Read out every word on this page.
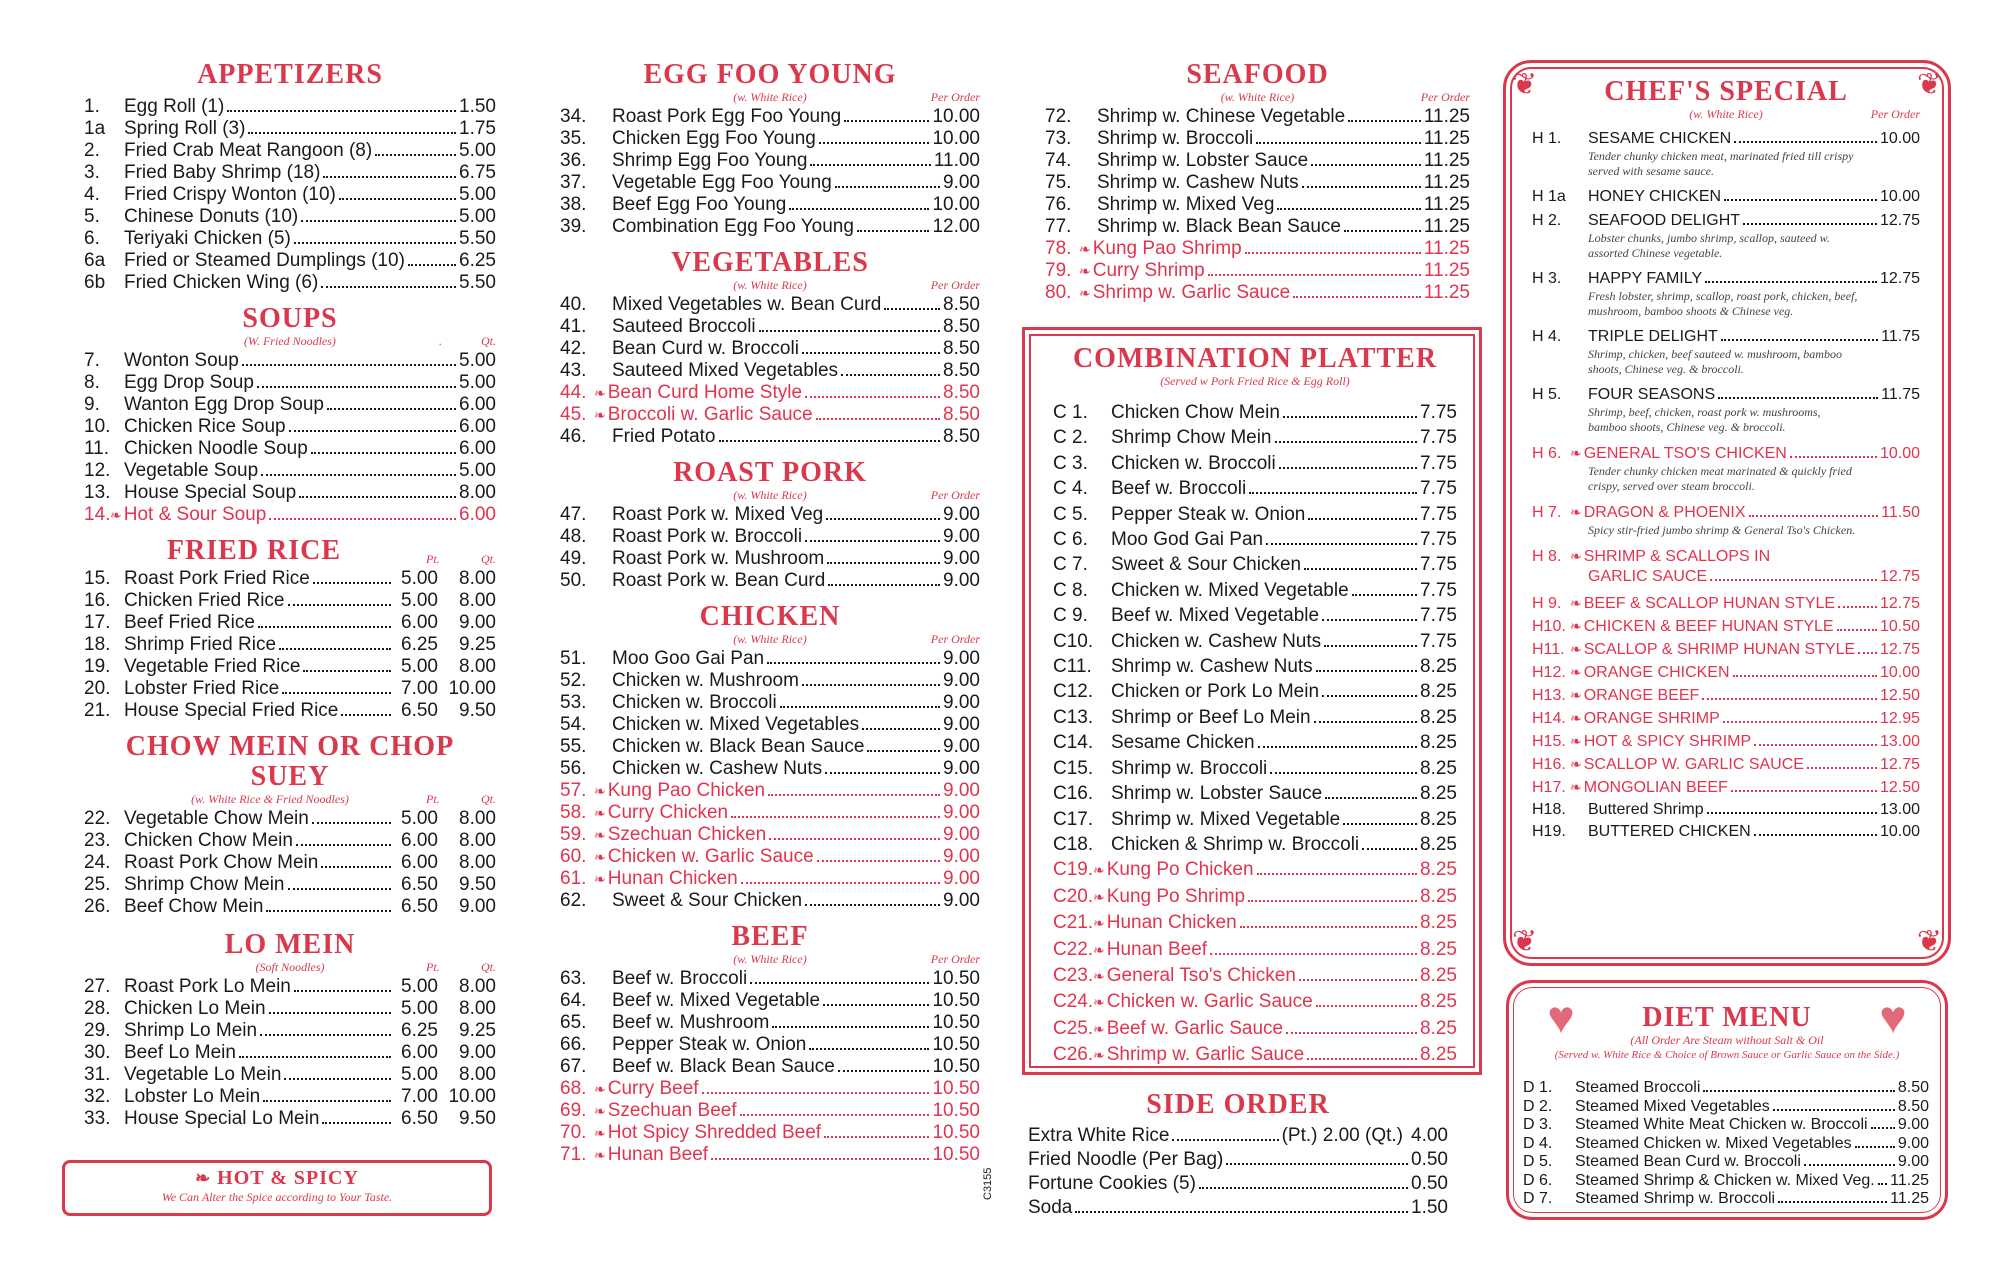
APPETIZERS
1.	Egg Roll (1)	1.50
1a Spring Roll (3)	1.75
2.	Fried Crab Meat Rangoon (8)	5.00
3.	Fried Baby Shrimp (18)	6.75
4.	Fried Crispy Wonton (10)	5.00
5.	Chinese Donuts (10)	5.00
6.	Teriyaki Chicken (5)	5.50
6a Fried or Steamed Dumplings (10)	6.25
6b Fried Chicken Wing (6)	5.50
SOUPS
(W. Fried Noodles)	.	Qt.
7.	Wonton Soup	5.00
8.	Egg Drop Soup	5.00
9.	Wanton Egg Drop Soup	6.00
10. Chicken Rice Soup	6.00
11. Chicken Noodle Soup	6.00
12. Vegetable Soup	5.00
13. House Special Soup	8.00
14. ❧ Hot & Sour Soup	6.00
FRIED RICE	Pt.	Qt.
15. Roast Pork Fried Rice	5.00	8.00
16. Chicken Fried Rice	5.00	8.00
17. Beef Fried Rice	6.00	9.00
18. Shrimp Fried Rice	6.25	9.25
19. Vegetable Fried Rice	5.00	8.00
20. Lobster Fried Rice	7.00 10.00
21. House Special Fried Rice	6.50	9.50
CHOW MEIN OR CHOP SUEY
(w. White Rice & Fried Noodles)	Pt.	Qt.
22. Vegetable Chow Mein	5.00	8.00
23. Chicken Chow Mein	6.00	8.00
24. Roast Pork Chow Mein	6.00	8.00
25. Shrimp Chow Mein	6.50	9.50
26. Beef Chow Mein	6.50	9.00
LO MEIN
(Soft Noodles)	Pt.	Qt.
27. Roast Pork Lo Mein	5.00	8.00
28. Chicken Lo Mein	5.00	8.00
29. Shrimp Lo Mein	6.25	9.25
30. Beef Lo Mein	6.00	9.00
31. Vegetable Lo Mein	5.00	8.00
32. Lobster Lo Mein	7.00 10.00
33. House Special Lo Mein	6.50	9.50
❧ HOT & SPICY
We Can Alter the Spice according to Your Taste.
EGG FOO YOUNG
(w. White Rice)	Per Order
34.	Roast Pork Egg Foo Young	10.00
35.	Chicken Egg Foo Young	10.00
36.	Shrimp Egg Foo Young	11.00
37.	Vegetable Egg Foo Young	9.00
38.	Beef Egg Foo Young	10.00
39.	Combination Egg Foo Young	12.00
VEGETABLES
(w. White Rice)	Per Order
40.	Mixed Vegetables w. Bean Curd	8.50
41.	Sauteed Broccoli	8.50
42.	Bean Curd w. Broccoli	8.50
43.	Sauteed Mixed Vegetables	8.50
44. ❧ Bean Curd Home Style	8.50
45. ❧ Broccoli w. Garlic Sauce	8.50
46.	Fried Potato	8.50
ROAST PORK
(w. White Rice)	Per Order
47.	Roast Pork w. Mixed Veg	9.00
48.	Roast Pork w. Broccoli	9.00
49.	Roast Pork w. Mushroom	9.00
50.	Roast Pork w. Bean Curd	9.00
CHICKEN
(w. White Rice)	Per Order
51.	Moo Goo Gai Pan	9.00
52.	Chicken w. Mushroom	9.00
53.	Chicken w. Broccoli	9.00
54.	Chicken w. Mixed Vegetables	9.00
55.	Chicken w. Black Bean Sauce	9.00
56.	Chicken w. Cashew Nuts	9.00
57. ❧ Kung Pao Chicken	9.00
58. ❧ Curry Chicken	9.00
59. ❧ Szechuan Chicken	9.00
60. ❧ Chicken w. Garlic Sauce	9.00
61. ❧ Hunan Chicken	9.00
62.	Sweet & Sour Chicken	9.00
BEEF
(w. White Rice)	Per Order
63.	Beef w. Broccoli	10.50
64.	Beef w. Mixed Vegetable	10.50
65.	Beef w. Mushroom	10.50
66.	Pepper Steak w. Onion	10.50
67.	Beef w. Black Bean Sauce	10.50
68. ❧ Curry Beef	10.50
69. ❧ Szechuan Beef	10.50
70. ❧ Hot Spicy Shredded Beef	10.50
71. ❧ Hunan Beef	10.50
C3155
SEAFOOD
(w. White Rice)	Per Order
72.	Shrimp w. Chinese Vegetable	11.25
73.	Shrimp w. Broccoli	11.25
74.	Shrimp w. Lobster Sauce	11.25
75.	Shrimp w. Cashew Nuts	11.25
76.	Shrimp w. Mixed Veg	11.25
77.	Shrimp w. Black Bean Sauce	11.25
78. ❧ Kung Pao Shrimp	11.25
79. ❧ Curry Shrimp	11.25
80. ❧ Shrimp w. Garlic Sauce	11.25
COMBINATION PLATTER
(Served w Pork Fried Rice & Egg Roll)
C 1.	Chicken Chow Mein	7.75
C 2.	Shrimp Chow Mein	7.75
C 3.	Chicken w. Broccoli	7.75
C 4.	Beef w. Broccoli	7.75
C 5.	Pepper Steak w. Onion	7.75
C 6.	Moo God Gai Pan	7.75
C 7.	Sweet & Sour Chicken	7.75
C 8.	Chicken w. Mixed Vegetable	7.75
C 9.	Beef w. Mixed Vegetable	7.75
C10. Chicken w. Cashew Nuts	7.75
C11.	Shrimp w. Cashew Nuts	8.25
C12. Chicken or Pork Lo Mein	8.25
C13. Shrimp or Beef Lo Mein	8.25
C14. Sesame Chicken	8.25
C15. Shrimp w. Broccoli	8.25
C16. Shrimp w. Lobster Sauce	8.25
C17. Shrimp w. Mixed Vegetable	8.25
C18. Chicken & Shrimp w. Broccoli	8.25
C19. ❧ Kung Po Chicken	8.25
C20. ❧ Kung Po Shrimp	8.25
C21. ❧ Hunan Chicken	8.25
C22. ❧ Hunan Beef	8.25
C23. ❧ General Tso's Chicken	8.25
C24. ❧ Chicken w. Garlic Sauce	8.25
C25. ❧ Beef w. Garlic Sauce	8.25
C26. ❧ Shrimp w. Garlic Sauce	8.25
SIDE ORDER
Extra White Rice	(Pt.) 2.00 (Qt.) 4.00
Fried Noodle (Per Bag)	0.50
Fortune Cookies (5)	0.50
Soda	1.50
❦	❦
❦	❦
CHEF'S SPECIAL
(w. White Rice)	Per Order
H 1.	SESAME CHICKEN	10.00
Tender chunky chicken meat, marinated fried till crispy served with sesame sauce.
H 1a	HONEY CHICKEN	10.00
H 2.	SEAFOOD DELIGHT	12.75
Lobster chunks, jumbo shrimp, scallop, sauteed w. assorted Chinese vegetable.
H 3.	HAPPY FAMILY	12.75
Fresh lobster, shrimp, scallop, roast pork, chicken, beef, mushroom, bamboo shoots & Chinese veg.
H 4.	TRIPLE DELIGHT	11.75
Shrimp, chicken, beef sauteed w. mushroom, bamboo shoots, Chinese veg. & broccoli.
H 5.	FOUR SEASONS	11.75
Shrimp, beef, chicken, roast pork w. mushrooms, bamboo shoots, Chinese veg. & broccoli.
H 6. ❧ GENERAL TSO'S CHICKEN	10.00
Tender chunky chicken meat marinated & quickly fried crispy, served over steam broccoli.
H 7. ❧ DRAGON & PHOENIX	11.50
Spicy stir-fried jumbo shrimp & General Tso's Chicken.
H 8. ❧ SHRIMP & SCALLOPS IN
GARLIC SAUCE	12.75
H 9. ❧ BEEF & SCALLOP HUNAN STYLE	12.75
H10. ❧ CHICKEN & BEEF HUNAN STYLE	10.50
H11. ❧ SCALLOP & SHRIMP HUNAN STYLE 12.75
H12. ❧ ORANGE CHICKEN	10.00
H13. ❧ ORANGE BEEF	12.50
H14. ❧ ORANGE SHRIMP	12.95
H15. ❧ HOT & SPICY SHRIMP	13.00
H16. ❧ SCALLOP W. GARLIC SAUCE	12.75
H17. ❧ MONGOLIAN BEEF	12.50
H18.	Buttered Shrimp	13.00
H19.	BUTTERED CHICKEN	10.00
♥	♥
DIET MENU
(All Order Are Steam without Salt & Oil
(Served w. White Rice & Choice of Brown Sauce or Garlic Sauce on the Side.)
D 1.	Steamed Broccoli	8.50
D 2.	Steamed Mixed Vegetables	8.50
D 3.	Steamed White Meat Chicken w. Broccoli 9.00
D 4.	Steamed Chicken w. Mixed Vegetables	9.00
D 5.	Steamed Bean Curd w. Broccoli	9.00
D 6.	Steamed Shrimp & Chicken w. Mixed Veg. 11.25
D 7.	Steamed Shrimp w. Broccoli	11.25
